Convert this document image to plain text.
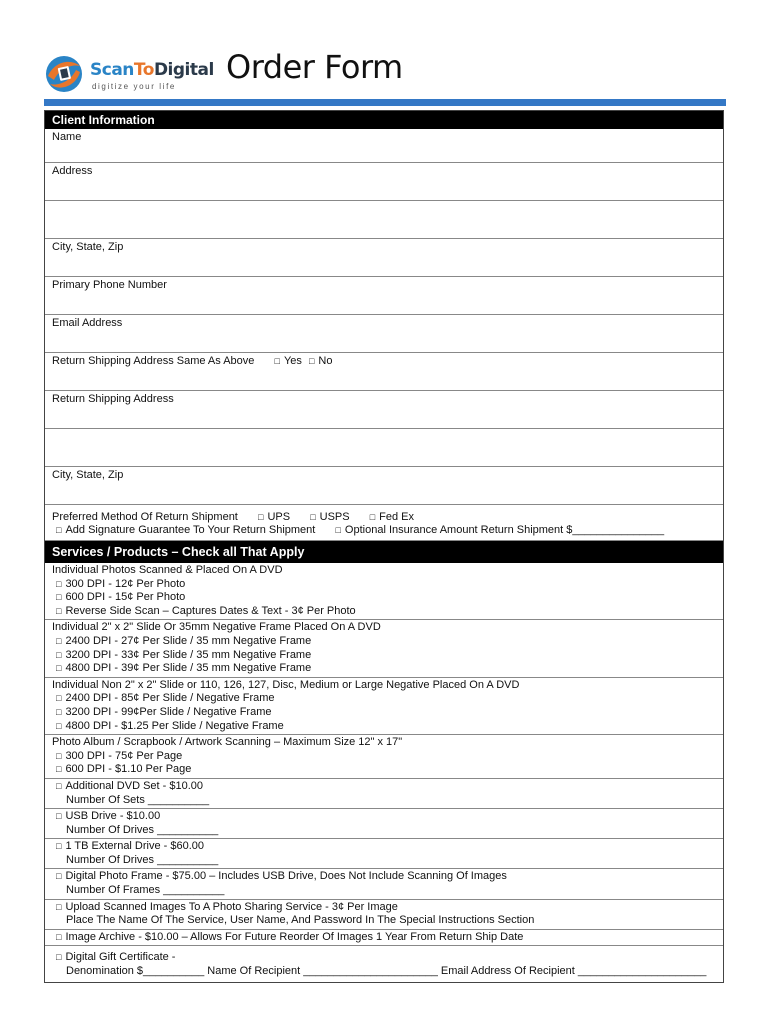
ScanToDigital
digitize your life
Order Form
Client Information
Name
Address
City, State, Zip
Primary Phone Number
Email Address
Return Shipping Address Same As Above □ Yes □ No
Return Shipping Address
City, State, Zip
Preferred Method Of Return Shipment □ UPS □ USPS □ Fed Ex
□ Add Signature Guarantee To Your Return Shipment □ Optional Insurance Amount Return Shipment $_______________
Services / Products – Check all That Apply
Individual Photos Scanned & Placed On A DVD
□ 300 DPI - 12¢ Per Photo
□ 600 DPI - 15¢ Per Photo
□ Reverse Side Scan – Captures Dates & Text - 3¢ Per Photo
Individual 2" x 2" Slide Or 35mm Negative Frame Placed On A DVD
□ 2400 DPI - 27¢ Per Slide / 35 mm Negative Frame
□ 3200 DPI - 33¢ Per Slide / 35 mm Negative Frame
□ 4800 DPI - 39¢ Per Slide / 35 mm Negative Frame
Individual Non 2" x 2" Slide or 110, 126, 127, Disc, Medium or Large Negative Placed On A DVD
□ 2400 DPI - 85¢ Per Slide / Negative Frame
□ 3200 DPI - 99¢Per Slide / Negative Frame
□ 4800 DPI - $1.25 Per Slide / Negative Frame
Photo Album / Scrapbook / Artwork Scanning – Maximum Size 12" x 17"
□ 300 DPI - 75¢ Per Page
□ 600 DPI - $1.10 Per Page
□ Additional DVD Set - $10.00
Number Of Sets __________
□ USB Drive - $10.00
Number Of Drives __________
□ 1 TB External Drive - $60.00
Number Of Drives __________
□ Digital Photo Frame - $75.00 – Includes USB Drive, Does Not Include Scanning Of Images
Number Of Frames __________
□ Upload Scanned Images To A Photo Sharing Service - 3¢ Per Image
Place The Name Of The Service, User Name, And Password In The Special Instructions Section
□ Image Archive - $10.00 – Allows For Future Reorder Of Images 1 Year From Return Ship Date
□ Digital Gift Certificate -
Denomination $__________ Name Of Recipient ______________________ Email Address Of Recipient _____________________
